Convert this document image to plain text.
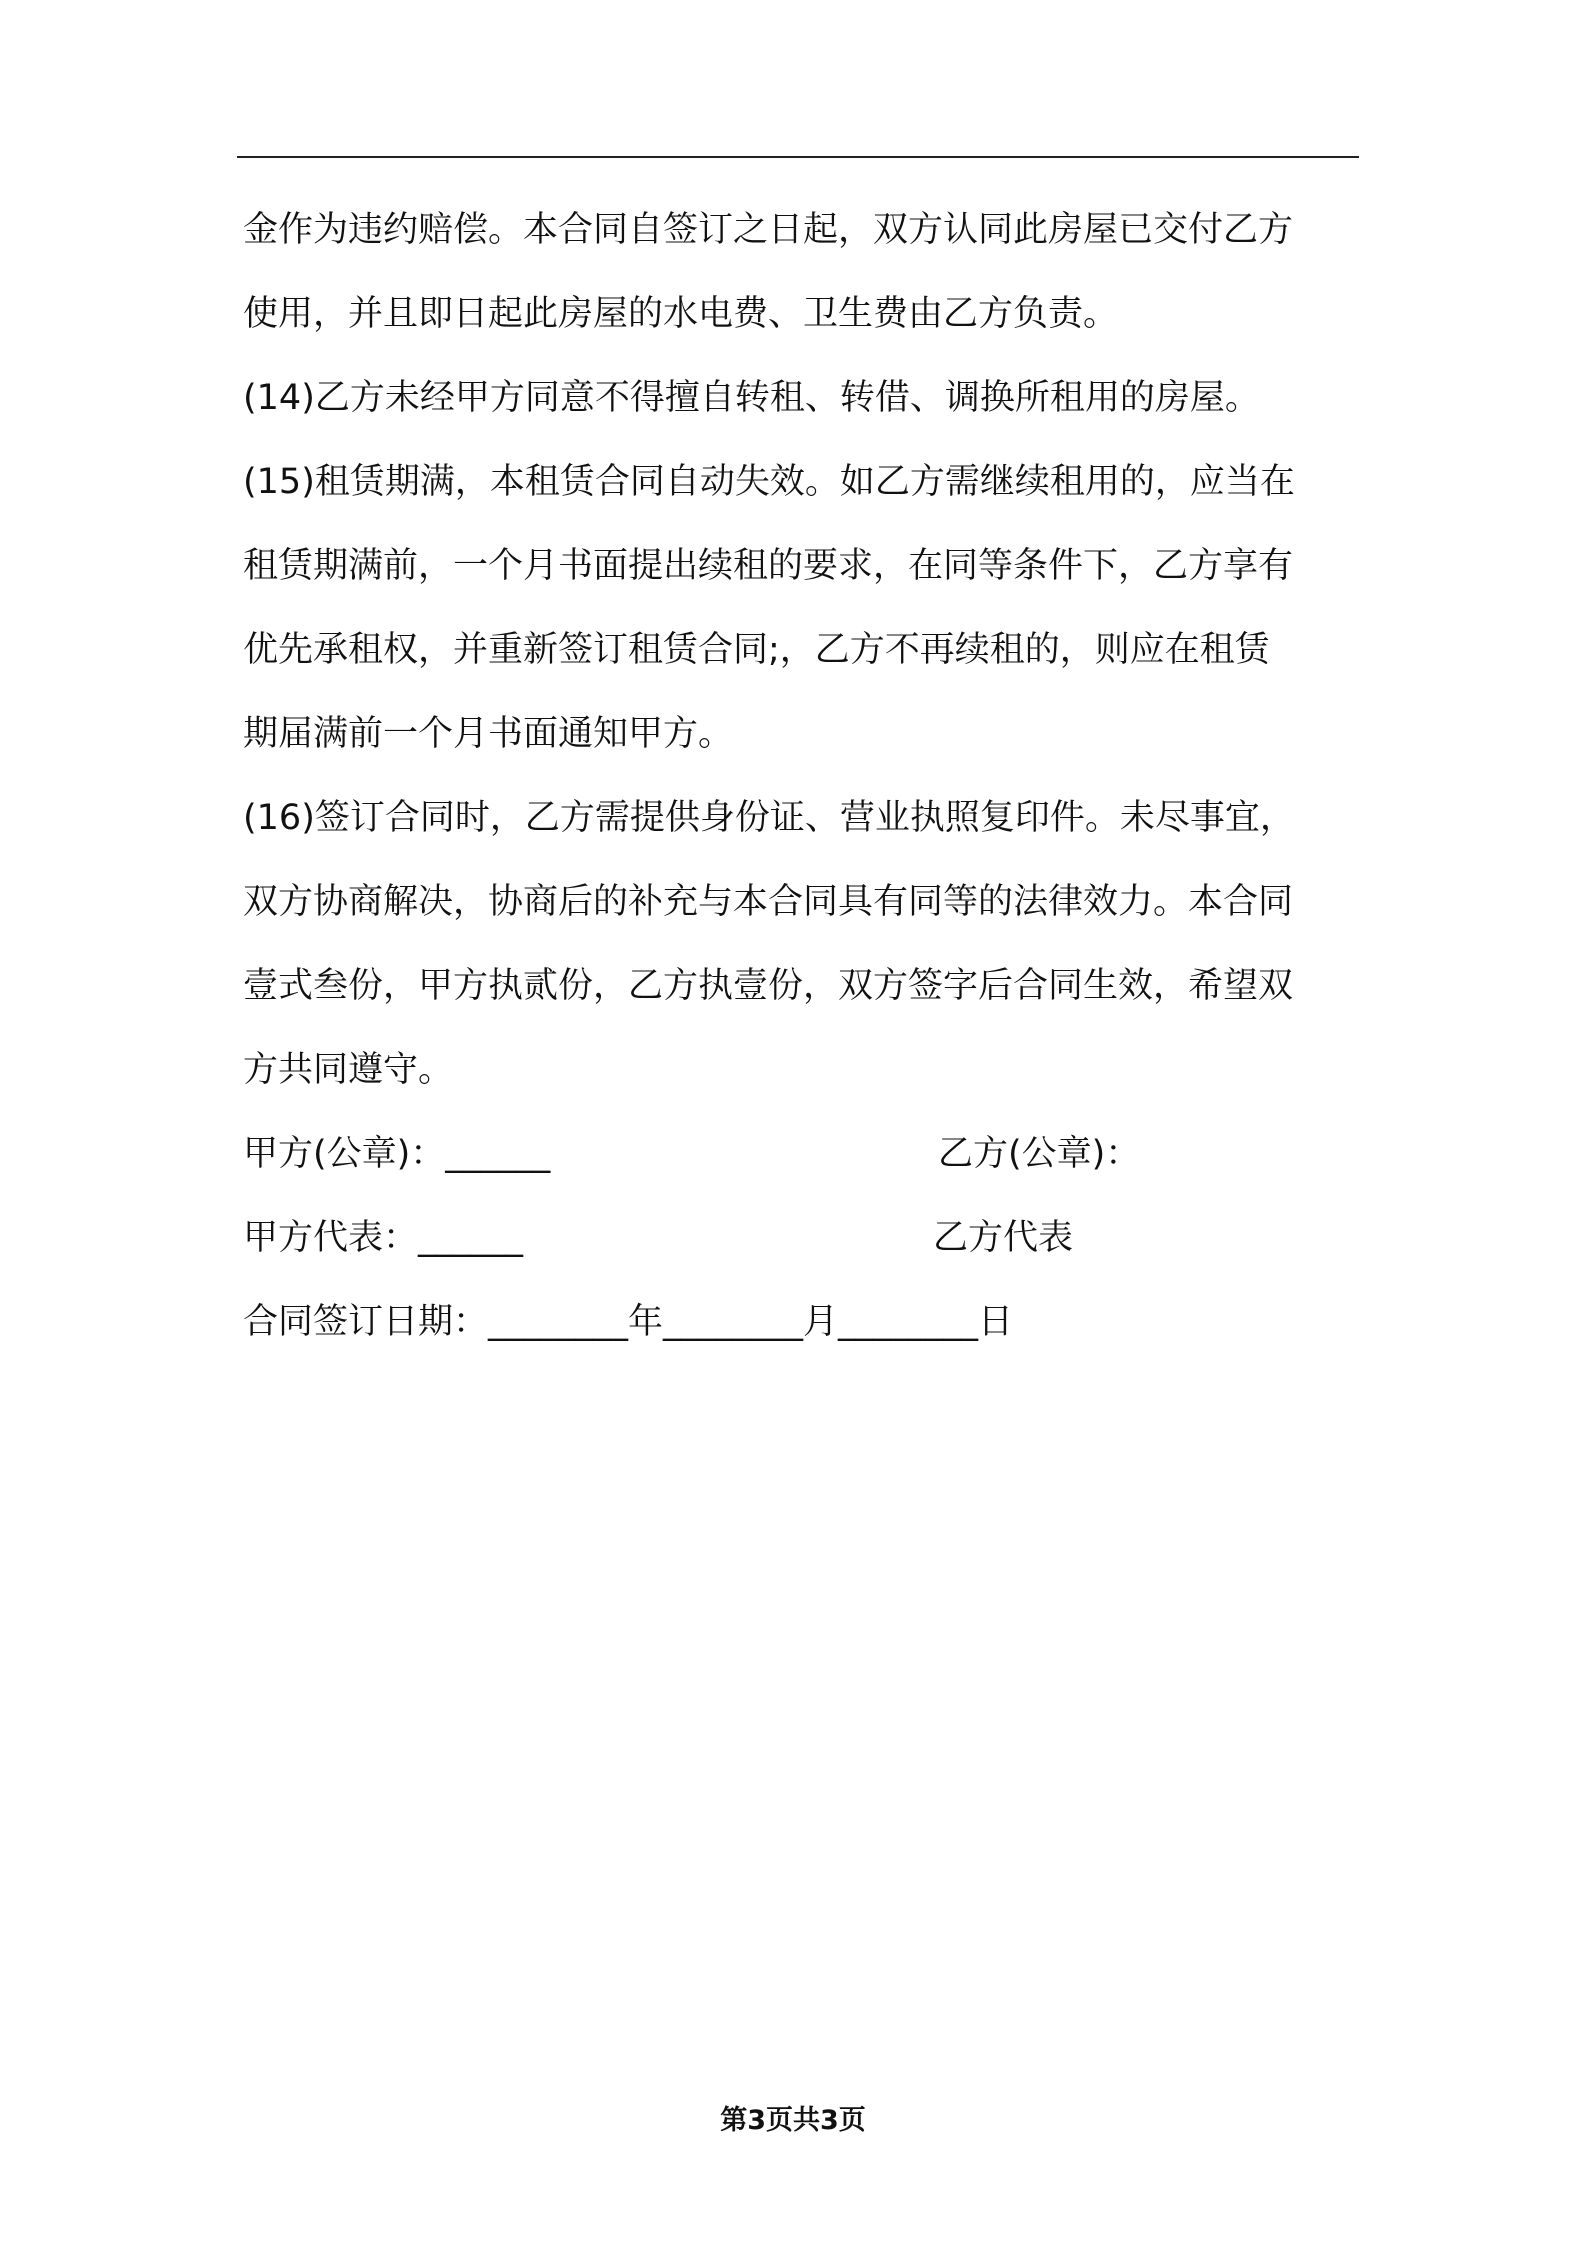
金作为违约赔偿。本合同自签订之日起，双方认同此房屋已交付乙方
使用，并且即日起此房屋的水电费、卫生费由乙方负责。
(14)乙方未经甲方同意不得擅自转租、转借、调换所租用的房屋。
(15)租赁期满，本租赁合同自动失效。如乙方需继续租用的，应当在
租赁期满前，一个月书面提出续租的要求，在同等条件下，乙方享有
优先承租权，并重新签订租赁合同;，乙方不再续租的，则应在租赁
期届满前一个月书面通知甲方。
(16)签订合同时，乙方需提供身份证、营业执照复印件。未尽事宜，
双方协商解决，协商后的补充与本合同具有同等的法律效力。本合同
壹式叁份，甲方执贰份，乙方执壹份，双方签字后合同生效，希望双
方共同遵守。
甲方(公章)：______	乙方(公章)：
甲方代表：______	乙方代表
合同签订日期：________年________月________日
第3页共3页
